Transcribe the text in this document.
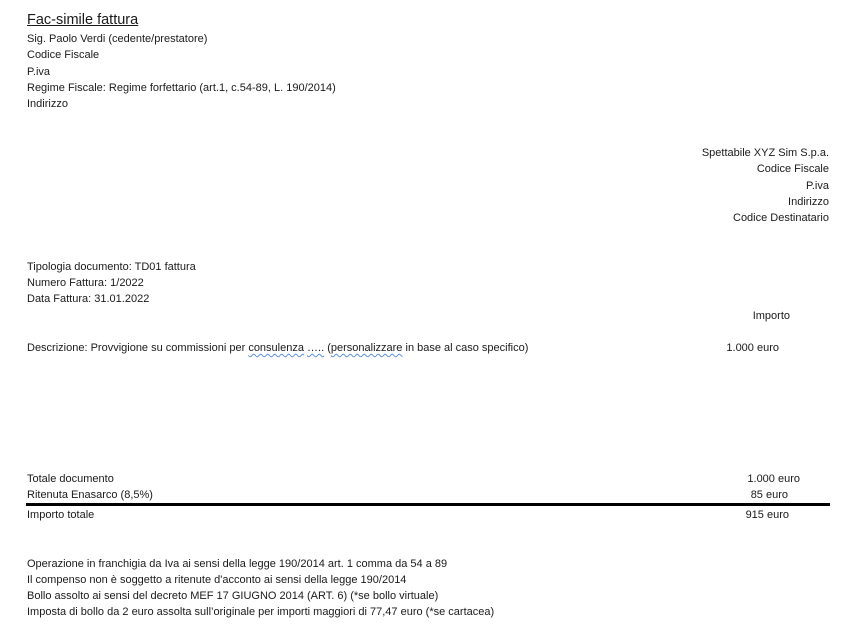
Fac-simile fattura
Sig. Paolo Verdi (cedente/prestatore)
Codice Fiscale
P.iva
Regime Fiscale: Regime forfettario (art.1, c.54-89, L. 190/2014)
Indirizzo
Spettabile XYZ Sim S.p.a.
Codice Fiscale
P.iva
Indirizzo
Codice Destinatario
Tipologia documento: TD01 fattura
Numero Fattura: 1/2022
Data Fattura: 31.01.2022
Importo
Descrizione: Provvigione su commissioni per consulenza ….. (personalizzare in base al caso specifico)	1.000 euro
Totale documento	1.000 euro
Ritenuta Enasarco (8,5%)	85 euro
Importo totale	915 euro
Operazione in franchigia da Iva ai sensi della legge 190/2014 art. 1 comma da 54 a 89
Il compenso non è soggetto a ritenute d'acconto ai sensi della legge 190/2014
Bollo assolto ai sensi del decreto MEF 17 GIUGNO 2014 (ART. 6) (*se bollo virtuale)
Imposta di bollo da 2 euro assolta sull’originale per importi maggiori di 77,47 euro (*se cartacea)
